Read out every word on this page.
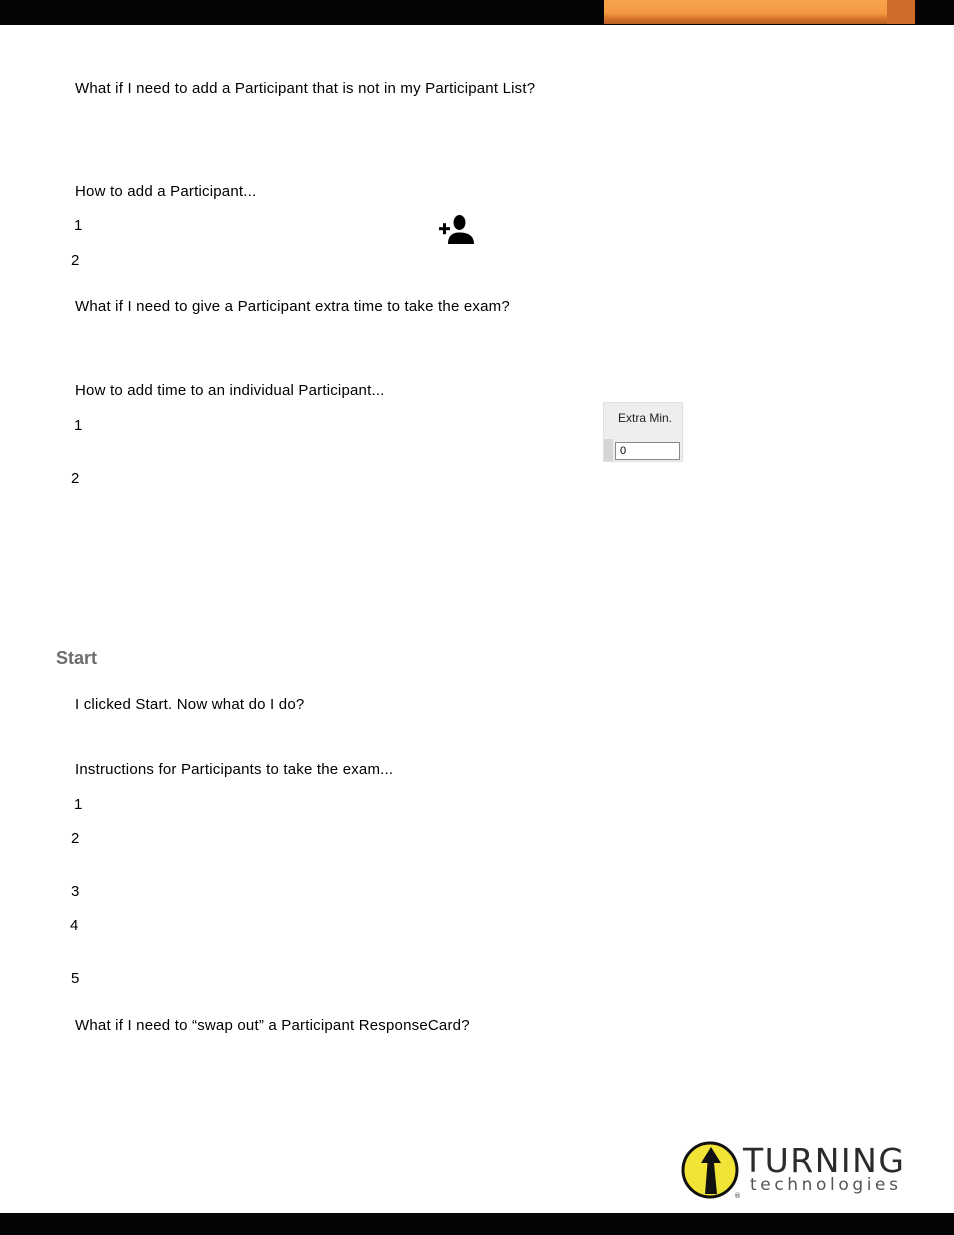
What if I need to add a Participant that is not in my Participant List?
How to add a Participant...
1
2
What if I need to give a Participant extra time to take the exam?
How to add time to an individual Participant...
1
2
Extra Min.
0
Start
I clicked Start. Now what do I do?
Instructions for Participants to take the exam...
1
2
3
4
5
What if I need to “swap out” a Participant ResponseCard?
®
TURNING
technologies
